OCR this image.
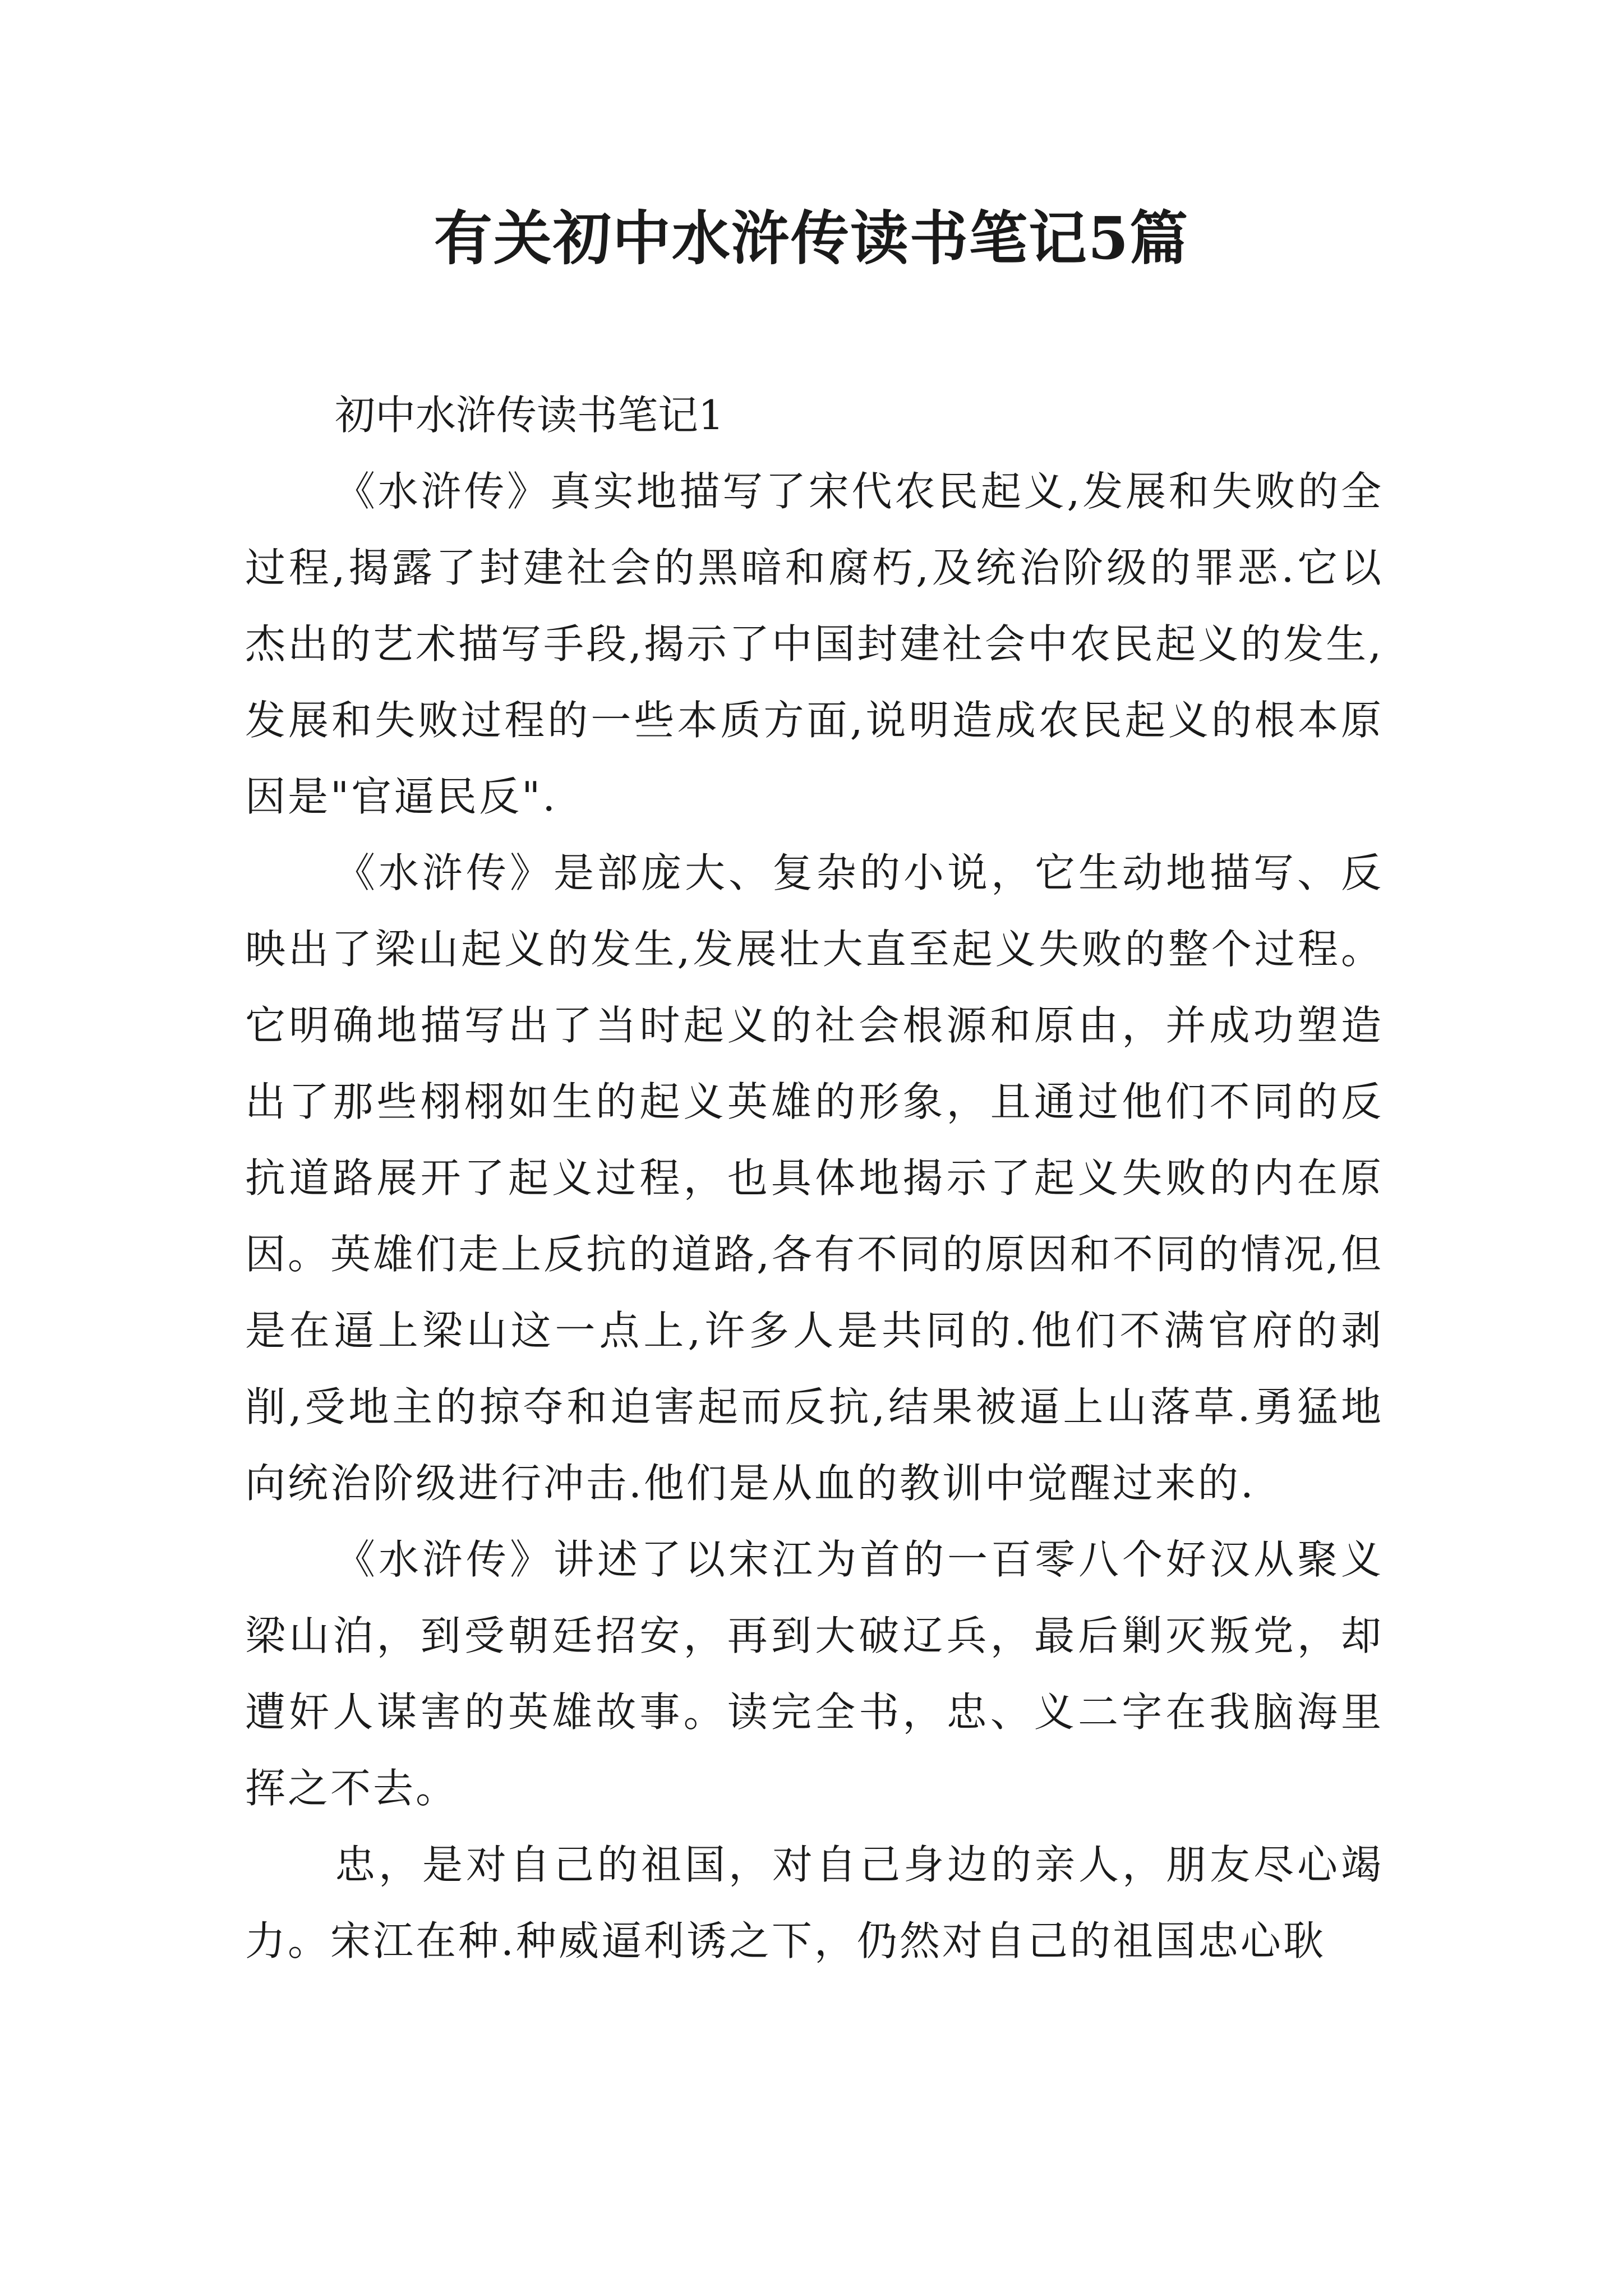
有关初中水浒传读书笔记5篇
初中水浒传读书笔记1

《水浒传》真实地描写了宋代农民起义,发展和失败的全过程,揭露了封建社会的黑暗和腐朽,及统治阶级的罪恶.它以杰出的艺术描写手段,揭示了中国封建社会中农民起义的发生, 发展和失败过程的一些本质方面,说明造成农民起义的根本原因是"官逼民反".

《水浒传》是部庞大、复杂的小说，它生动地描写、反映出了梁山起义的发生,发展壮大直至起义失败的整个过程。它明确地描写出了当时起义的社会根源和原由，并成功塑造出了那些栩栩如生的起义英雄的形象，且通过他们不同的反抗道路展开了起义过程，也具体地揭示了起义失败的内在原因。英雄们走上反抗的道路,各有不同的原因和不同的情况,但是在逼上梁山这一点上,许多人是共同的.他们不满官府的剥削,受地主的掠夺和迫害起而反抗,结果被逼上山落草.勇猛地向统治阶级进行冲击.他们是从血的教训中觉醒过来的.

《水浒传》讲述了以宋江为首的一百零八个好汉从聚义梁山泊，到受朝廷招安，再到大破辽兵，最后剿灭叛党，却遭奸人谋害的英雄故事。读完全书，忠、义二字在我脑海里挥之不去。

忠，是对自己的祖国，对自己身边的亲人，朋友尽心竭力。宋江在种.种威逼利诱之下，仍然对自己的祖国忠心耿
